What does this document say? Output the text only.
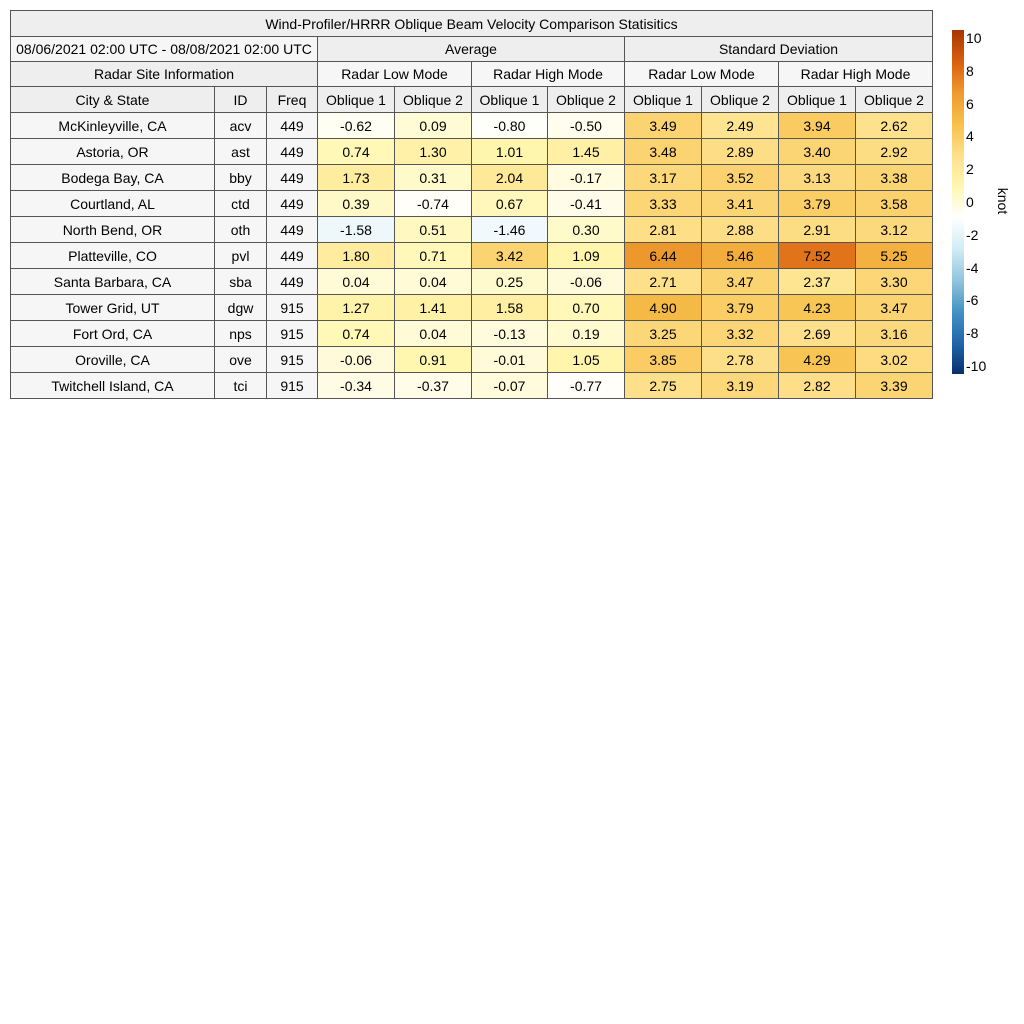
Wind-Profiler/HRRR Oblique Beam Velocity Comparison Statisitics										
08/06/2021 02:00 UTC - 08/08/2021 02:00 UTC			Average				Standard Deviation			
Radar Site Information			Radar Low Mode		Radar High Mode		Radar Low Mode		Radar High Mode	
City & State	ID	Freq	Oblique 1	Oblique 2	Oblique 1	Oblique 2	Oblique 1	Oblique 2	Oblique 1	Oblique 2
McKinleyville, CA	acv	449	-0.62	0.09	-0.80	-0.50	3.49	2.49	3.94	2.62
Astoria, OR	ast	449	0.74	1.30	1.01	1.45	3.48	2.89	3.40	2.92
Bodega Bay, CA	bby	449	1.73	0.31	2.04	-0.17	3.17	3.52	3.13	3.38
Courtland, AL	ctd	449	0.39	-0.74	0.67	-0.41	3.33	3.41	3.79	3.58
North Bend, OR	oth	449	-1.58	0.51	-1.46	0.30	2.81	2.88	2.91	3.12
Platteville, CO	pvl	449	1.80	0.71	3.42	1.09	6.44	5.46	7.52	5.25
Santa Barbara, CA	sba	449	0.04	0.04	0.25	-0.06	2.71	3.47	2.37	3.30
Tower Grid, UT	dgw	915	1.27	1.41	1.58	0.70	4.90	3.79	4.23	3.47
Fort Ord, CA	nps	915	0.74	0.04	-0.13	0.19	3.25	3.32	2.69	3.16
Oroville, CA	ove	915	-0.06	0.91	-0.01	1.05	3.85	2.78	4.29	3.02
Twitchell Island, CA	tci	915	-0.34	-0.37	-0.07	-0.77	2.75	3.19	2.82	3.39
10
8
6
4
2
0
-2
-4
-6
-8
-10
knot
